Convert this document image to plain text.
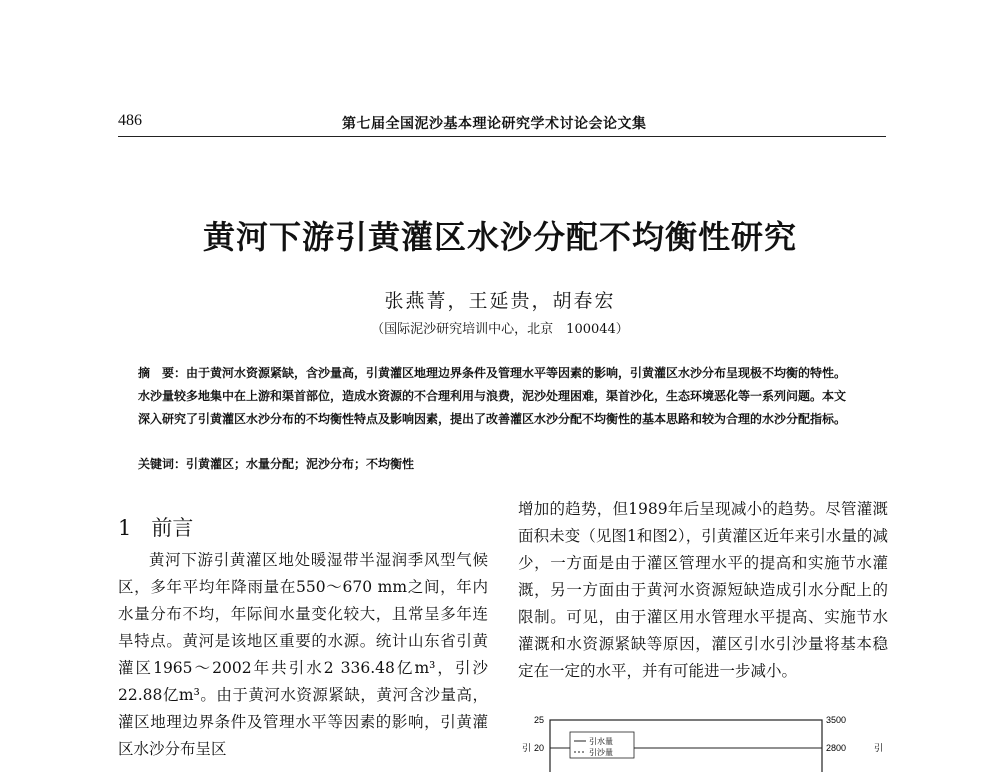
486	第七届全国泥沙基本理论研究学术讨论会论文集
黄河下游引黄灌区水沙分配不均衡性研究
张燕菁，王延贵，胡春宏
（国际泥沙研究培训中心，北京　100044）

摘　要：由于黄河水资源紧缺，含沙量高，引黄灌区地理边界条件及管理水平等因素的影响，引黄灌区水沙分布呈现极不均衡的特性。水沙量较多地集中在上游和渠首部位，造成水资源的不合理利用与浪费，泥沙处理困难，渠首沙化，生态环境恶化等一系列问题。本文深入研究了引黄灌区水沙分布的不均衡性特点及影响因素，提出了改善灌区水沙分配不均衡性的基本思路和较为合理的水沙分配指标。

关键词：引黄灌区；水量分配；泥沙分布；不均衡性
1 前言

黄河下游引黄灌区地处暖湿带半湿润季风型气候区，多年平均年降雨量在550～670 mm之间，年内水量分布不均，年际间水量变化较大，且常呈多年连旱特点。黄河是该地区重要的水源。统计山东省引黄灌区1965～2002年共引水2 336.48亿m³，引沙22.88亿m³。由于黄河水资源紧缺，黄河含沙量高，灌区地理边界条件及管理水平等因素的影响，引黄灌区水沙分布呈区

增加的趋势，但1989年后呈现减小的趋势。尽管灌溉面积未变（见图1和图2），引黄灌区近年来引水量的减少，一方面是由于灌区管理水平的提高和实施节水灌溉，另一方面由于黄河水资源短缺造成引水分配上的限制。可见，由于灌区用水管理水平提高、实施节水灌溉和水资源紧缺等原因，灌区引水引沙量将基本稳定在一定的水平，并有可能进一步减小。

25
20
引
3500
2800	引
引水量
引沙量
